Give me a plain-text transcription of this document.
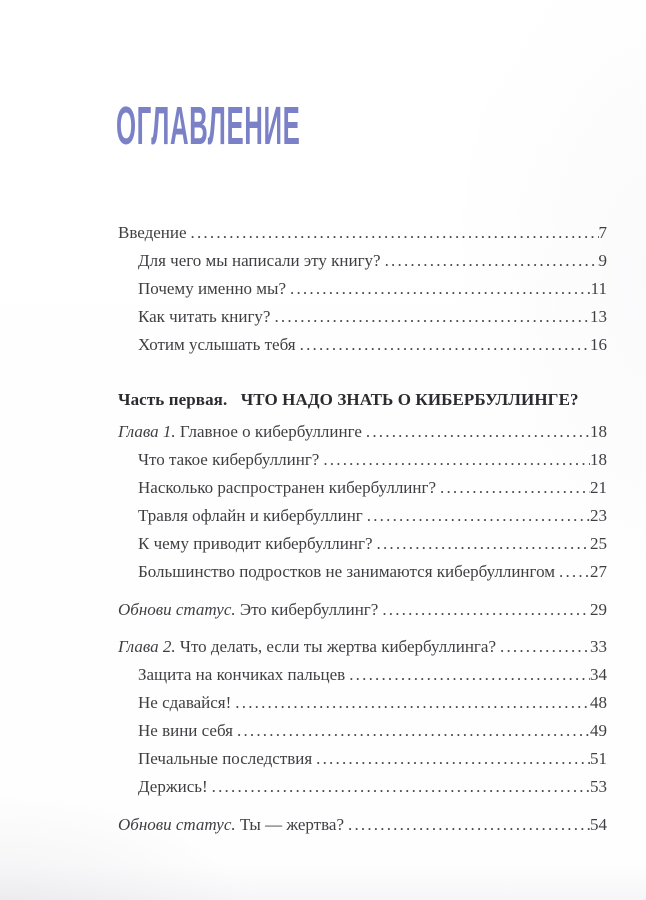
ОГЛАВЛЕНИЕ
Введение .....	7
Для чего мы написали эту книгу? .....	9
Почему именно мы? .....	11
Как читать книгу? .....	13
Хотим услышать тебя .....	16
Часть первая. ЧТО НАДО ЗНАТЬ О КИБЕРБУЛЛИНГЕ?
Глава 1. Главное о кибербуллинге .....	18
Что такое кибербуллинг? .....	18
Насколько распространен кибербуллинг? .....	21
Травля офлайн и кибербуллинг .....	23
К чему приводит кибербуллинг? .....	25
Большинство подростков не занимаются кибербуллингом ..... 27
Обнови статус. Это кибербуллинг? .....	29
Глава 2. Что делать, если ты жертва кибербуллинга? .....	33
Защита на кончиках пальцев .....	34
Не сдавайся! .....	48
Не вини себя .....	49
Печальные последствия .....	51
Держись! .....	53
Обнови статус. Ты — жертва? .....	54
